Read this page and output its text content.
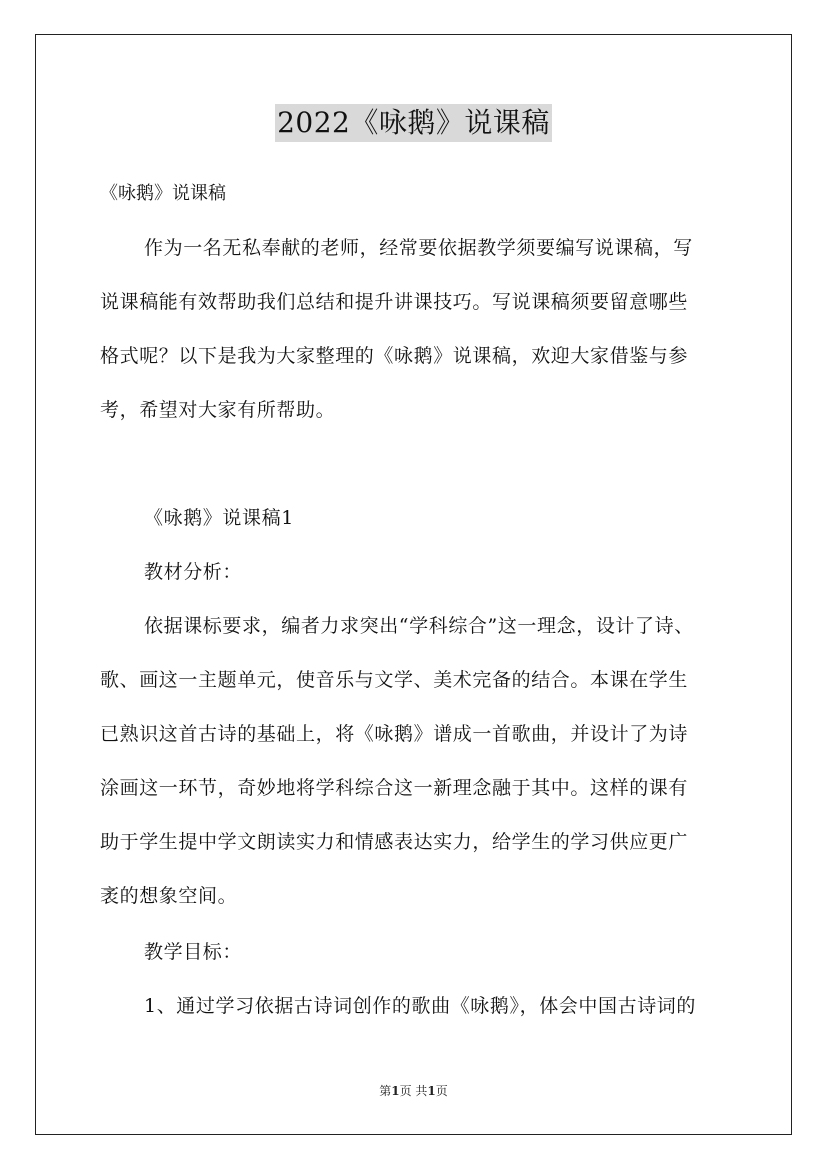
2022《咏鹅》说课稿
《咏鹅》说课稿
作为一名无私奉献的老师，经常要依据教学须要编写说课稿，写
说课稿能有效帮助我们总结和提升讲课技巧。写说课稿须要留意哪些
格式呢？以下是我为大家整理的《咏鹅》说课稿，欢迎大家借鉴与参
考，希望对大家有所帮助。
《咏鹅》说课稿1
教材分析：
依据课标要求，编者力求突出“学科综合”这一理念，设计了诗、
歌、画这一主题单元，使音乐与文学、美术完备的结合。本课在学生
已熟识这首古诗的基础上，将《咏鹅》谱成一首歌曲，并设计了为诗
涂画这一环节，奇妙地将学科综合这一新理念融于其中。这样的课有
助于学生提中学文朗读实力和情感表达实力，给学生的学习供应更广
袤的想象空间。
教学目标：
1、通过学习依据古诗词创作的歌曲《咏鹅》，体会中国古诗词的
第1页 共1页
